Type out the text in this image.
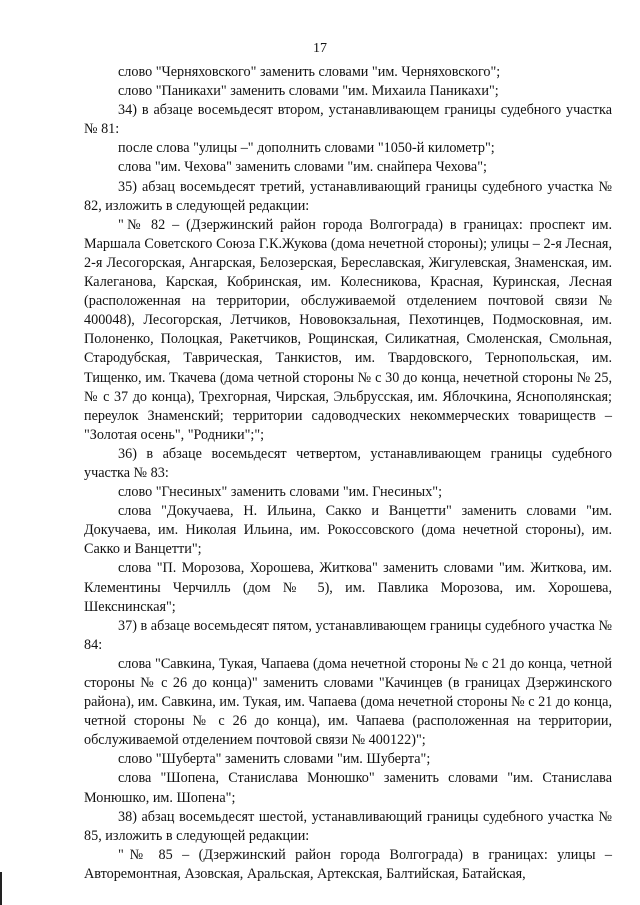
17

слово "Черняховского" заменить словами "им. Черняховского";

слово "Паникахи" заменить словами "им. Михаила Паникахи";

34) в абзаце восемьдесят втором, устанавливающем границы судебного участка № 81:

после слова "улицы –" дополнить словами "1050-й километр";

слова "им. Чехова" заменить словами "им. снайпера Чехова";

35) абзац восемьдесят третий, устанавливающий границы судебного участка № 82, изложить в следующей редакции:

"№ 82 – (Дзержинский район города Волгограда) в границах: проспект им. Маршала Советского Союза Г.К.Жукова (дома нечетной стороны); улицы – 2-я Лесная, 2-я Лесогорская, Ангарская, Белозерская, Береславская, Жигулевская, Знаменская, им. Калеганова, Карская, Кобринская, им. Колесникова, Красная, Куринская, Лесная (расположенная на территории, обслуживаемой отделением почтовой связи № 400048), Лесогорская, Летчиков, Нововокзальная, Пехотинцев, Подмосковная, им. Полоненко, Полоцкая, Ракетчиков, Рощинская, Силикатная, Смоленская, Смольная, Стародубская, Таврическая, Танкистов, им. Твардовского, Тернопольская, им. Тищенко, им. Ткачева (дома четной стороны № с 30 до конца, нечетной стороны № 25, № с 37 до конца), Трехгорная, Чирская, Эльбрусская, им. Яблочкина, Яснополянская; переулок Знаменский; территории садоводческих некоммерческих товариществ – "Золотая осень", "Родники";";

36) в абзаце восемьдесят четвертом, устанавливающем границы судебного участка № 83:

слово "Гнесиных" заменить словами "им. Гнесиных";

слова "Докучаева, Н. Ильина, Сакко и Ванцетти" заменить словами "им. Докучаева, им. Николая Ильина, им. Рокоссовского (дома нечетной стороны), им. Сакко и Ванцетти";

слова "П. Морозова, Хорошева, Житкова" заменить словами "им. Житкова, им. Клементины Черчилль (дом № 5), им. Павлика Морозова, им. Хорошева, Шекснинская";

37) в абзаце восемьдесят пятом, устанавливающем границы судебного участка № 84:

слова "Савкина, Тукая, Чапаева (дома нечетной стороны № с 21 до конца, четной стороны № с 26 до конца)" заменить словами "Качинцев (в границах Дзержинского района), им. Савкина, им. Тукая, им. Чапаева (дома нечетной стороны № с 21 до конца, четной стороны № с 26 до конца), им. Чапаева (расположенная на территории, обслуживаемой отделением почтовой связи № 400122)";

слово "Шуберта" заменить словами "им. Шуберта";

слова "Шопена, Станислава Монюшко" заменить словами "им. Станислава Монюшко, им. Шопена";

38) абзац восемьдесят шестой, устанавливающий границы судебного участка № 85, изложить в следующей редакции:

"№ 85 – (Дзержинский район города Волгограда) в границах: улицы – Авторемонтная, Азовская, Аральская, Артекская, Балтийская, Батайская,
